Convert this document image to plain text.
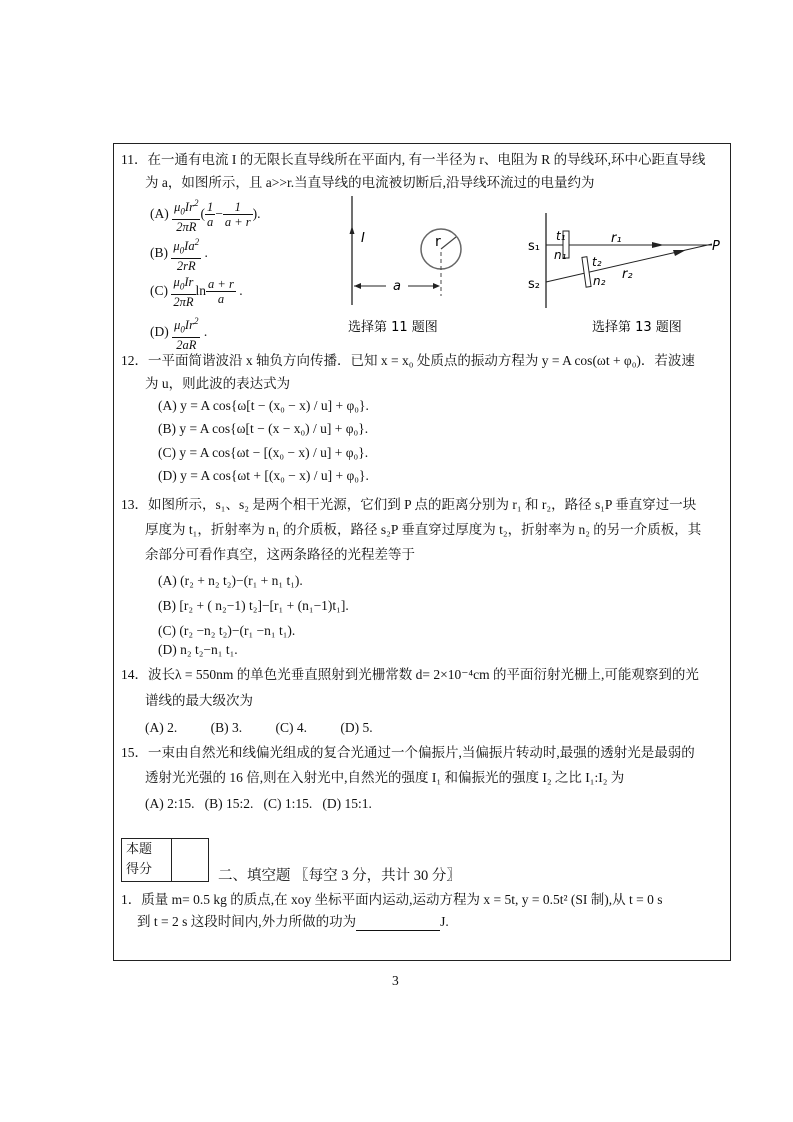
11．在一通有电流 I 的无限长直导线所在平面内, 有一半径为 r、电阻为 R 的导线环,环中心距直导线
为 a，如图所示，且 a>>r.当直导线的电流被切断后,沿导线环流过的电量约为
$(A) \frac{\mu_0Ir^2}{2\pi R}$ ( $\frac{1}{a} - \frac{1}{a + r}$ ).
$(B) \frac{\mu_0Ia^2}{2rR}$ .
$(C) \frac{\mu_0Ir}{2\pi R}$ $\ln \frac{a + r}{a}$ .
$(D) \frac{\mu_0Ir^2}{2aR}$ .
I	r
a
选择第 11 题图
s₁
s₂
t₁
n₁ t₂
n₂
r₁
r₂
P
选择第 13 题图
12．一平面简谐波沿 x 轴负方向传播．已知 x = x₀ 处质点的振动方程为 y = A cos(ωt + φ₀)．若波速
为 u，则此波的表达式为
(A) y = A cos{ω[t − (x₀ − x) / u] + φ₀}.
(B) y = A cos{ω[t − (x − x₀) / u] + φ₀}.
(C) y = A cos{ωt − [(x₀ − x) / u] + φ₀}.
(D) y = A cos{ωt + [(x₀ − x) / u] + φ₀}.
13．如图所示，s₁、s₂ 是两个相干光源，它们到 P 点的距离分别为 r₁ 和 r₂，路径 s₁P 垂直穿过一块
厚度为 t₁，折射率为 n₁ 的介质板，路径 s₂P 垂直穿过厚度为 t₂，折射率为 n₂ 的另一介质板，其
余部分可看作真空，这两条路径的光程差等于
(A) (r₂ + n₂ t₂)−(r₁ + n₁ t₁).
(B) [r₂ + ( n₂−1) t₂]−[r₁ + (n₁−1)t₁].
(C) (r₂ −n₂ t₂)−(r₁ −n₁ t₁).
(D) n₂ t₂−n₁ t₁.
14．波长λ = 550nm 的单色光垂直照射到光栅常数 d= 2×10⁻⁴cm 的平面衍射光栅上,可能观察到的光
谱线的最大级次为
(A) 2. (B) 3. (C) 4. (D) 5.
15．一束由自然光和线偏光组成的复合光通过一个偏振片,当偏振片转动时,最强的透射光是最弱的
透射光光强的 16 倍,则在入射光中,自然光的强度 I₁ 和偏振光的强度 I₂ 之比 I₁:I₂ 为
(A) 2:15. (B) 15:2. (C) 1:15. (D) 15:1.
本题
得分	二、填空题 〖每空 3 分，共计 30 分〗
1．质量 m= 0.5 kg 的质点,在 xoy 坐标平面内运动,运动方程为 x = 5t, y = 0.5t² (SI 制),从 t = 0 s
到 t = 2 s 这段时间内,外力所做的功为	J.
3
